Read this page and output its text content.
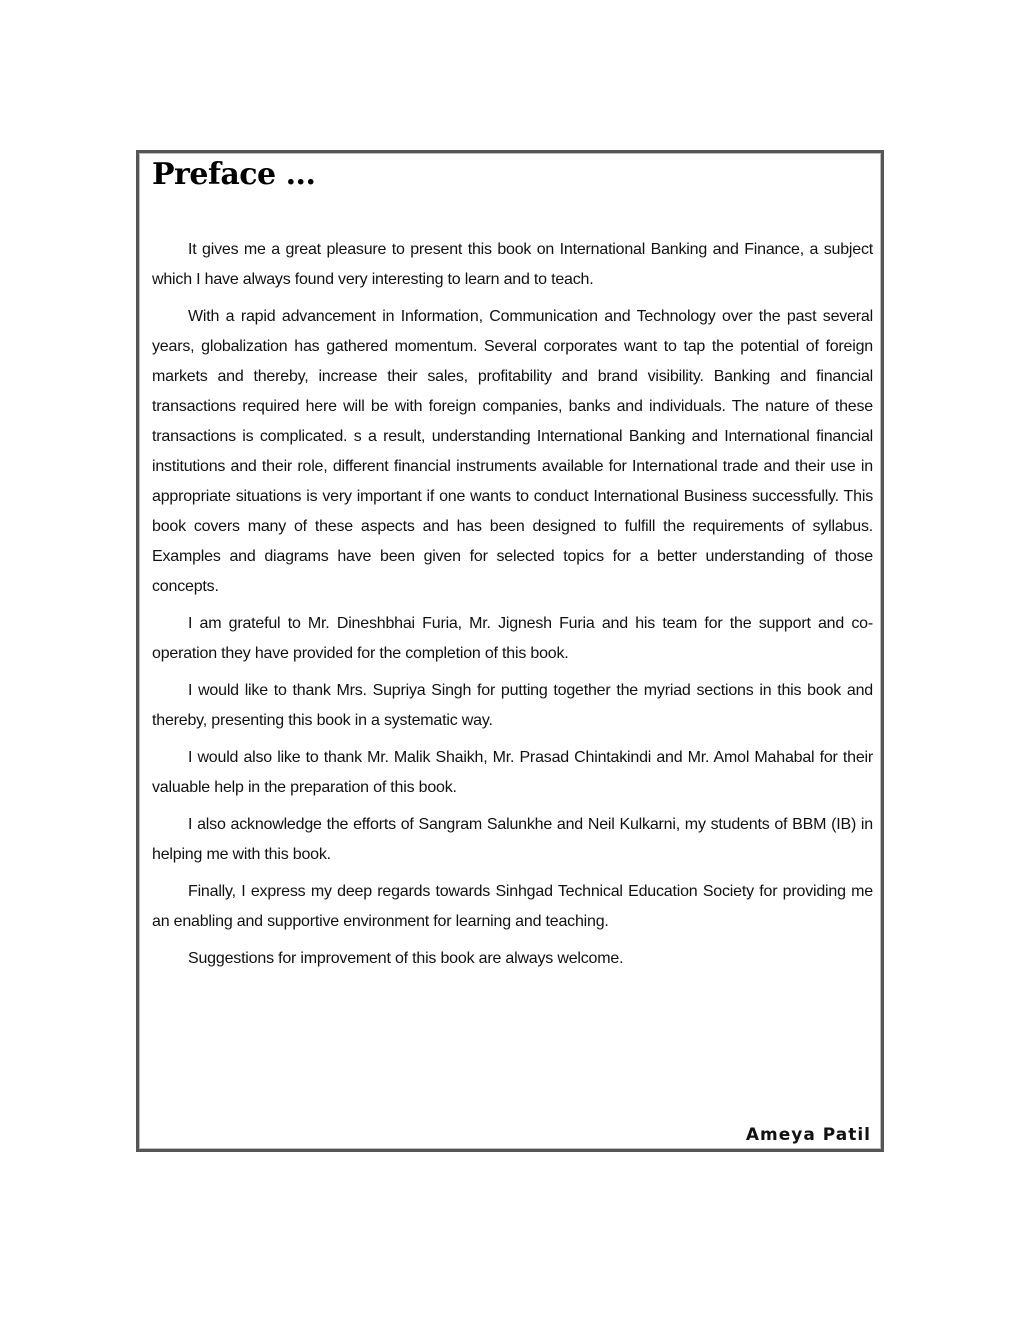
Preface ...

It gives me a great pleasure to present this book on International Banking and Finance, a subject which I have always found very interesting to learn and to teach.

With a rapid advancement in Information, Communication and Technology over the past several years, globalization has gathered momentum. Several corporates want to tap the potential of foreign markets and thereby, increase their sales, profitability and brand visibility. Banking and financial transactions required here will be with foreign companies, banks and individuals. The nature of these transactions is complicated. s a result, understanding International Banking and International financial institutions and their role, different financial instruments available for International trade and their use in appropriate situations is very important if one wants to conduct International Business successfully. This book covers many of these aspects and has been designed to fulfill the requirements of syllabus. Examples and diagrams have been given for selected topics for a better understanding of those concepts.

I am grateful to Mr. Dineshbhai Furia, Mr. Jignesh Furia and his team for the support and co-operation they have provided for the completion of this book.

I would like to thank Mrs. Supriya Singh for putting together the myriad sections in this book and thereby, presenting this book in a systematic way.

I would also like to thank Mr. Malik Shaikh, Mr. Prasad Chintakindi and Mr. Amol Mahabal for their valuable help in the preparation of this book.

I also acknowledge the efforts of Sangram Salunkhe and Neil Kulkarni, my students of BBM (IB) in helping me with this book.

Finally, I express my deep regards towards Sinhgad Technical Education Society for providing me an enabling and supportive environment for learning and teaching.

Suggestions for improvement of this book are always welcome.

Ameya Patil
